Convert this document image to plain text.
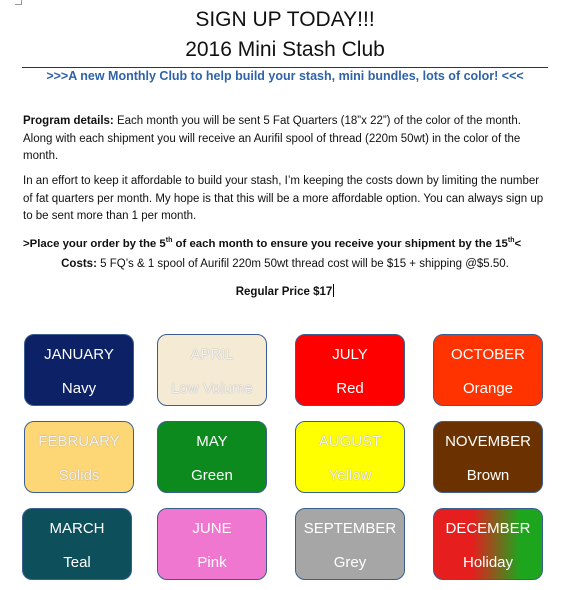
SIGN UP TODAY!!!
2016 Mini Stash Club
>>>A new Monthly Club to help build your stash, mini bundles, lots of color! <<<
Program details: Each month you will be sent 5 Fat Quarters (18”x 22”) of the color of the month. Along with each shipment you will receive an Aurifil spool of thread (220m 50wt) in the color of the month.
In an effort to keep it affordable to build your stash, I’m keeping the costs down by limiting the number of fat quarters per month. My hope is that this will be a more affordable option. You can always sign up to be sent more than 1 per month.
>Place your order by the 5th of each month to ensure you receive your shipment by the 15th<
Costs: 5 FQ’s & 1 spool of Aurifil 220m 50wt thread cost will be $15 + shipping @$5.50.
Regular Price $17
JANUARY
Navy
APRIL
Low Volume
JULY
Red
OCTOBER
Orange
FEBRUARY
Solids
MAY
Green
AUGUST
Yellow
NOVEMBER
Brown
MARCH
Teal
JUNE
Pink
SEPTEMBER
Grey
DECEMBER
Holiday
